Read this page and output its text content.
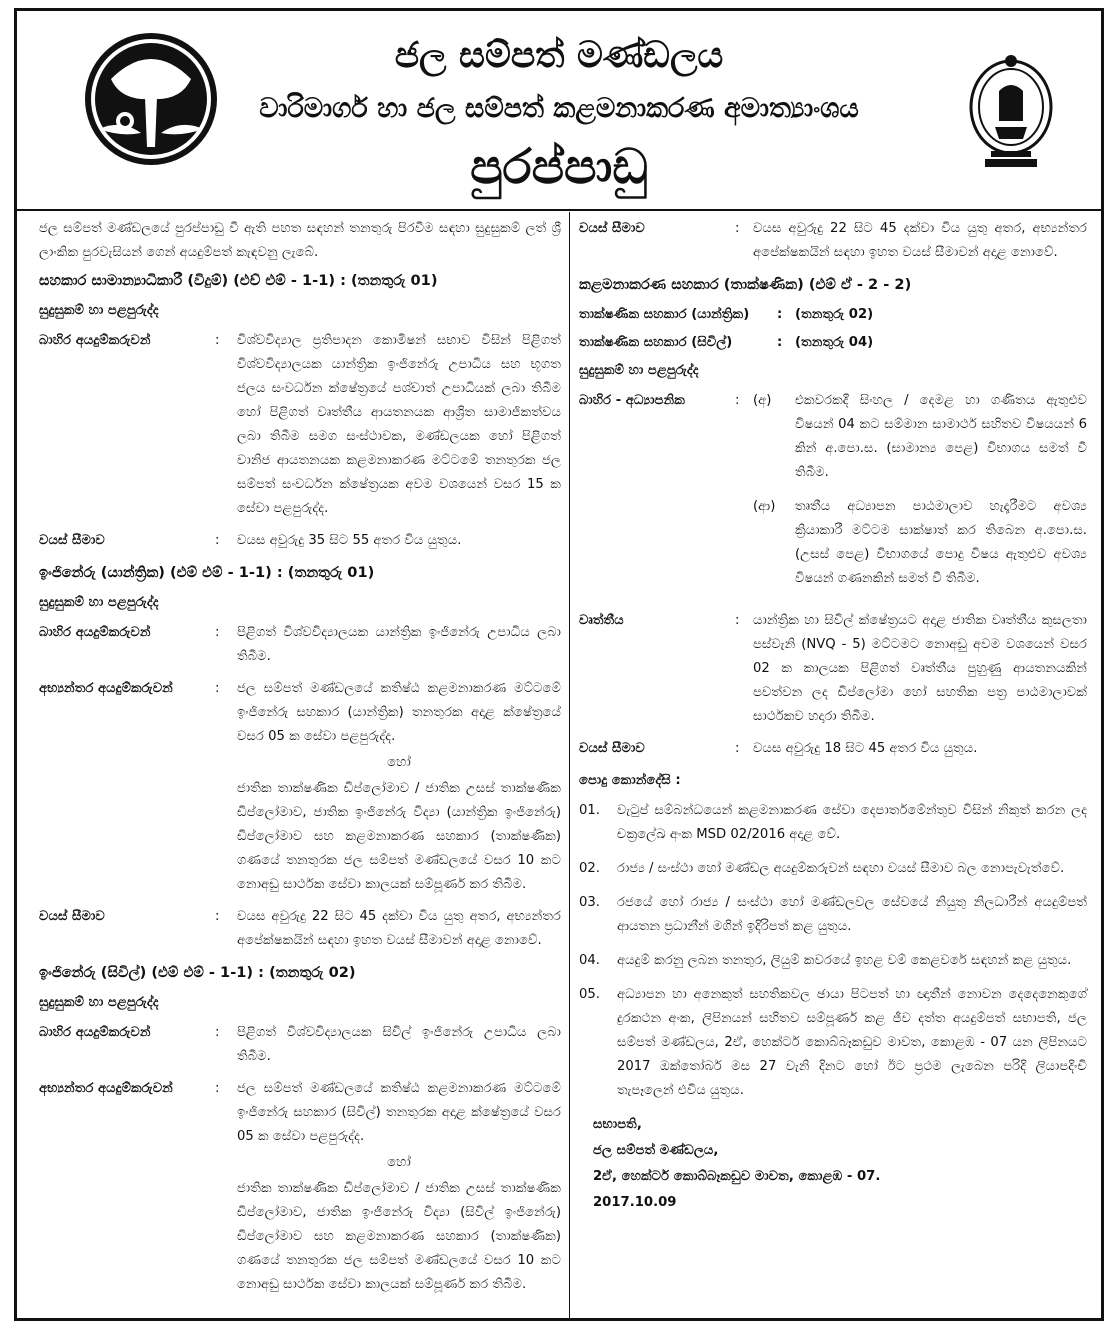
ජල සම්පත් මණ්ඩලය
වාරිමාර්ග හා ජල සම්පත් කළමනාකරණ අමාත්‍යාංශය
පුරප්පාඩු
ජල සම්පත් මණ්ඩලයේ පුරප්පාඩු වී ඇති පහත සඳහන් තනතුරු පිරවීම සඳහා සුදුසුකම් ලත් ශ්‍රී ලාංකික පුරවැසියන් ගෙන් අයදුම්පත් කැඳවනු ලැබේ.
සහකාර සාමාන්‍යාධිකාරී (විදුම්) (එච් එම් - 1-1) : (තනතුරු 01)
සුදුසුකම් හා පළපුරුද්ද
බාහිර අයදුම්කරුවන්	:	විශ්වවිද්‍යාල ප්‍රතිපාදන කොමිෂන් සභාව විසින් පිළිගත් විශ්වවිද්‍යාලයක යාන්ත්‍රික ඉංජිනේරු උපාධිය සහ භූගත ජලය සංවර්ධන ක්ෂේත්‍රයේ පශ්චාත් උපාධියක් ලබා තිබීම හෝ පිළිගත් වෘත්තීය ආයතනයක ආශ්‍රිත සාමාජිකත්වය ලබා තිබීම සමග සංස්ථාවක, මණ්ඩලයක හෝ පිළිගත් වානිජ ආයතනයක කළමනාකරණ මට්ටමේ තනතුරක ජල සම්පත් සංවර්ධන ක්ෂේත්‍රයක අවම වශයෙන් වසර 15 ක සේවා පළපුරුද්ද.
වයස් සීමාව	:	වයස අවුරුදු 35 සිට 55 අතර විය යුතුය.
ඉංජිනේරු (යාන්ත්‍රික) (එම් එම් - 1-1) : (තනතුරු 01)
සුදුසුකම් හා පළපුරුද්ද
බාහිර අයදුම්කරුවන්	:	පිළිගත් විශ්වවිද්‍යාලයක යාන්ත්‍රික ඉංජිනේරු උපාධිය ලබා තිබීම.
අභ්‍යන්තර අයදුම්කරුවන්	:	ජල සම්පත් මණ්ඩලයේ කතිෂ්ඨ කළමනාකරණ මට්ටමේ ඉංජිනේරු සහකාර (යාන්ත්‍රික) තනතුරක අදාළ ක්ෂේත්‍රයේ වසර 05 ක සේවා පළපුරුද්ද.
හෝ
ජාතික තාක්ෂණික ඩිප්ලෝමාව / ජාතික උසස් තාක්ෂණික ඩිප්ලෝමාව, ජාතික ඉංජිනේරු විද්‍යා (යාන්ත්‍රික ඉංජිනේරු) ඩිප්ලෝමාව සහ කළමනාකරණ සහකාර (තාක්ෂණික) ගණයේ තනතුරක ජල සම්පත් මණ්ඩලයේ වසර 10 කට නොඅඩු සාර්ථක සේවා කාලයක් සම්පූර්ණ කර තිබීම.
වයස් සීමාව	:	වයස අවුරුදු 22 සිට 45 දක්වා විය යුතු අතර, අභ්‍යන්තර අපේක්ෂකයින් සඳහා ඉහත වයස් සීමාවන් අදාළ නොවේ.
ඉංජිනේරු (සිවිල්) (එම් එම් - 1-1) : (තනතුරු 02)
සුදුසුකම් හා පළපුරුද්ද
බාහිර අයදුම්කරුවන්	:	පිළිගත් විශ්වවිද්‍යාලයක සිවිල් ඉංජිනේරු උපාධිය ලබා තිබීම.
අභ්‍යන්තර අයදුම්කරුවන්	:	ජල සම්පත් මණ්ඩලයේ කතිෂ්ඨ කළමනාකරණ මට්ටමේ ඉංජිනේරු සහකාර (සිවිල්) තනතුරක අදාළ ක්ෂේත්‍රයේ වසර 05 ක සේවා පළපුරුද්ද.
හෝ
ජාතික තාක්ෂණික ඩිප්ලෝමාව / ජාතික උසස් තාක්ෂණික ඩිප්ලෝමාව, ජාතික ඉංජිනේරු විද්‍යා (සිවිල් ඉංජිනේරු) ඩිප්ලෝමාව සහ කළමනාකරණ සහකාර (තාක්ෂණික) ගණයේ තනතුරක ජල සම්පත් මණ්ඩලයේ වසර 10 කට නොඅඩු සාර්ථක සේවා කාලයක් සම්පූර්ණ කර තිබීම.
වයස් සීමාව	:	වයස අවුරුදු 22 සිට 45 දක්වා විය යුතු අතර, අභ්‍යන්තර අපේක්ෂකයින් සඳහා ඉහත වයස් සීමාවන් අදාළ නොවේ.
කළමනාකරණ සහකාර (තාක්ෂණික) (එම් ඒ - 2 - 2)
තාක්ෂණික සහකාර (යාන්ත්‍රික)	: (තනතුරු 02)
තාක්ෂණික සහකාර (සිවිල්)	: (තනතුරු 04)
සුදුසුකම් හා පළපුරුද්ද
බාහිර - අධ්‍යාපනික	:	(අ)	එකවරකදී සිංහල / දෙමළ හා ගණිතය ඇතුළුව විෂයන් 04 කට සම්මාන සාමාර්ථ සහිතව විෂයයන් 6 කින් අ.පො.ස. (සාමාන්‍ය පෙළ) විභාගය සමත් වී තිබීම.
(ආ)	තෘතීය අධ්‍යාපන පාඨමාලාව හැදෑරීමට අවශ්‍ය ක්‍රියාකාරී මට්ටම සාක්ෂාත් කර තිබෙන අ.පො.ස. (උසස් පෙළ) විභාගයේ පොදු විෂය ඇතුළුව අවශ්‍ය විෂයන් ගණනකින් සමත් වී තිබීම.
වෘත්තීය	:	යාන්ත්‍රික හා සිවිල් ක්ෂේත්‍රයට අදාළ ජාතික වෘත්තීය කුසලතා පස්වැනි (NVQ - 5) මට්ටමට නොඅඩු අවම වශයෙන් වසර 02 ක කාලයක පිළිගත් වෘත්තීය පුහුණු ආයතනයකින් පවත්වන ලද ඩිප්ලෝමා හෝ සහතික පත්‍ර පාඨමාලාවක් සාර්ථකව හදාරා තිබීම.
වයස් සීමාව	:	වයස අවුරුදු 18 සිට 45 අතර විය යුතුය.
පොදු කොන්දේසි :
01.	වැටුප් සම්බන්ධයෙන් කළමනාකරණ සේවා දෙපාර්තමේන්තුව විසින් නිකුත් කරන ලද චක්‍රලේඛ අංක MSD 02/2016 අදාළ වේ.
02.	රාජ්‍ය / සංස්ථා හෝ මණ්ඩල අයදුම්කරුවන් සඳහා වයස් සීමාව බල නොපැවැත්වේ.
03.	රජයේ හෝ රාජ්‍ය / සංස්ථා හෝ මණ්ඩලවල සේවයේ නියුතු නිලධාරීන් අයදුම්පත් ආයතන ප්‍රධානීන් මගින් ඉදිරිපත් කළ යුතුය.
04.	අයදුම් කරනු ලබන තනතුර, ලියුම් කවරයේ ඉහළ වම් කෙළවරේ සඳහන් කළ යුතුය.
05.	අධ්‍යාපන හා අනෙකුත් සහතිකවල ඡායා පිටපත් හා ඥාතීන් නොවන දෙදෙනෙකුගේ දුරකථන අංක, ලිපිනයන් සහිතව සම්පූර්ණ කළ ජීව දත්ත අයදුම්පත් සභාපති, ජල සම්පත් මණ්ඩලය, 2ඒ, හෙක්ටර් කොබ්බෑකඩුව මාවත, කොළඹ - 07 යන ලිපිනයට 2017 ඔක්තෝබර් මස 27 වැනි දිනට හෝ ඊට ප්‍රථම ලැබෙන පරිදි ලියාපදිංචි තැපෑලෙන් එවිය යුතුය.
සභාපති,
ජල සම්පත් මණ්ඩලය,
2ඒ, හෙක්ටර් කොබ්බෑකඩුව මාවත, කොළඹ - 07.
2017.10.09
